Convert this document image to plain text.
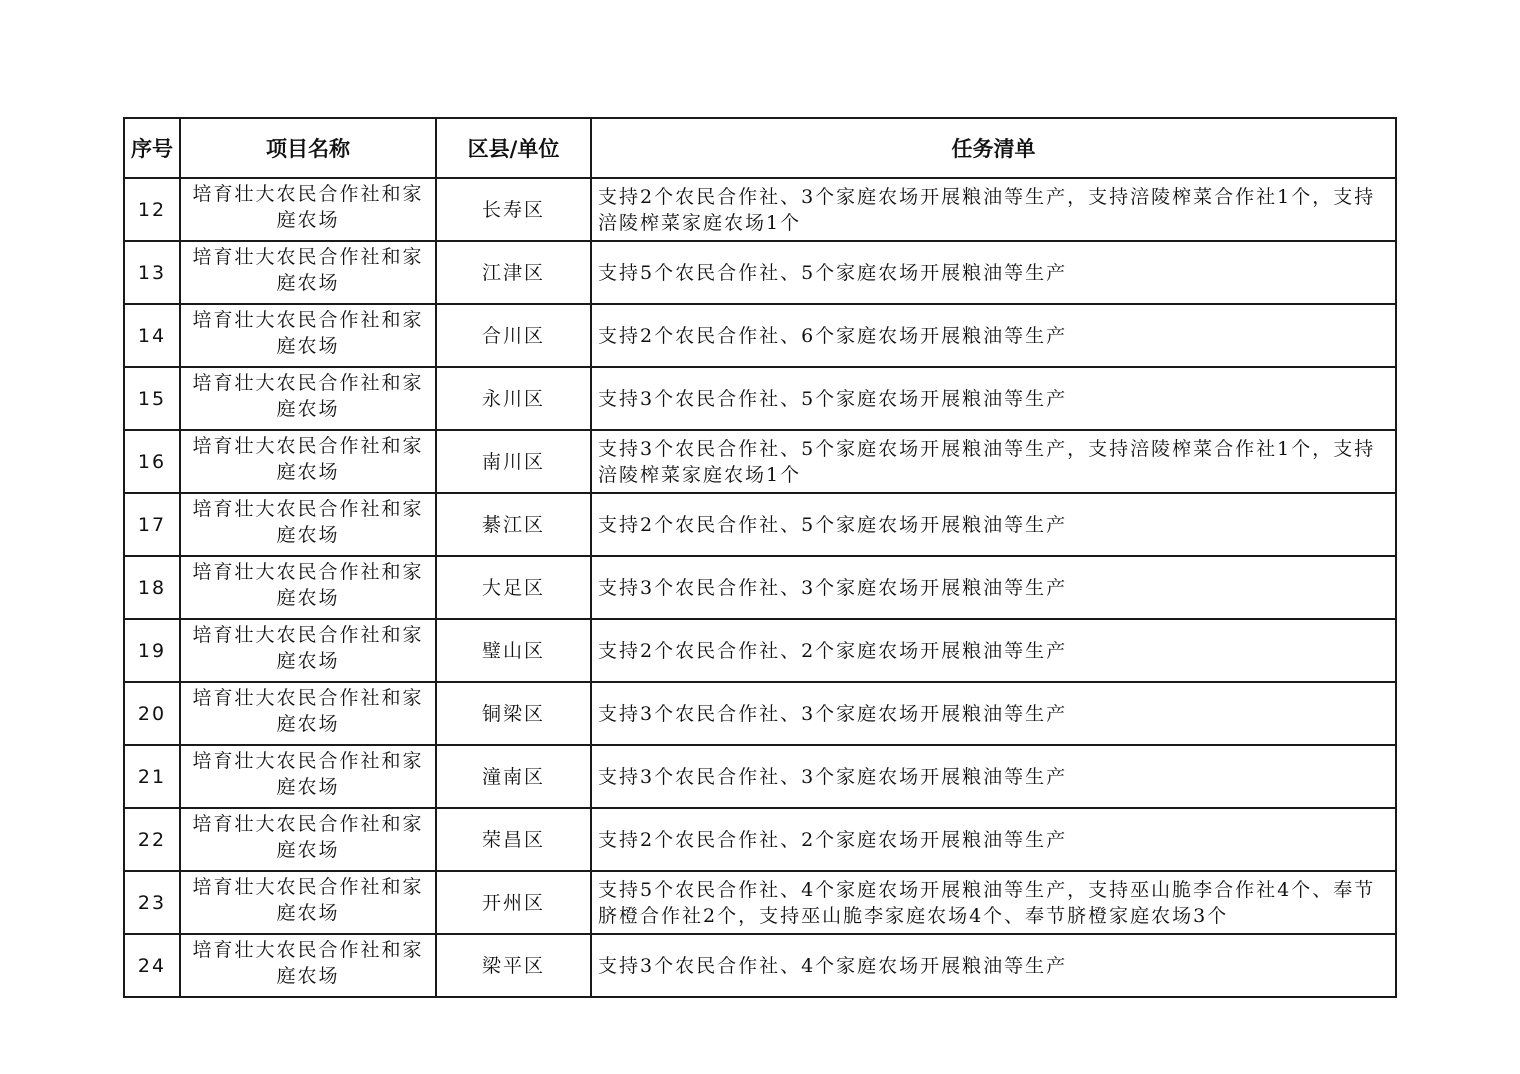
序号	项目名称	区县/单位	任务清单
12	培育壮大农民合作社和家庭农场	长寿区	支持2个农民合作社、3个家庭农场开展粮油等生产，支持涪陵榨菜合作社1个，支持涪陵榨菜家庭农场1个
13	培育壮大农民合作社和家庭农场	江津区	支持5个农民合作社、5个家庭农场开展粮油等生产
14	培育壮大农民合作社和家庭农场	合川区	支持2个农民合作社、6个家庭农场开展粮油等生产
15	培育壮大农民合作社和家庭农场	永川区	支持3个农民合作社、5个家庭农场开展粮油等生产
16	培育壮大农民合作社和家庭农场	南川区	支持3个农民合作社、5个家庭农场开展粮油等生产，支持涪陵榨菜合作社1个，支持涪陵榨菜家庭农场1个
17	培育壮大农民合作社和家庭农场	綦江区	支持2个农民合作社、5个家庭农场开展粮油等生产
18	培育壮大农民合作社和家庭农场	大足区	支持3个农民合作社、3个家庭农场开展粮油等生产
19	培育壮大农民合作社和家庭农场	璧山区	支持2个农民合作社、2个家庭农场开展粮油等生产
20	培育壮大农民合作社和家庭农场	铜梁区	支持3个农民合作社、3个家庭农场开展粮油等生产
21	培育壮大农民合作社和家庭农场	潼南区	支持3个农民合作社、3个家庭农场开展粮油等生产
22	培育壮大农民合作社和家庭农场	荣昌区	支持2个农民合作社、2个家庭农场开展粮油等生产
23	培育壮大农民合作社和家庭农场	开州区	支持5个农民合作社、4个家庭农场开展粮油等生产，支持巫山脆李合作社4个、奉节脐橙合作社2个，支持巫山脆李家庭农场4个、奉节脐橙家庭农场3个
24	培育壮大农民合作社和家庭农场	梁平区	支持3个农民合作社、4个家庭农场开展粮油等生产
